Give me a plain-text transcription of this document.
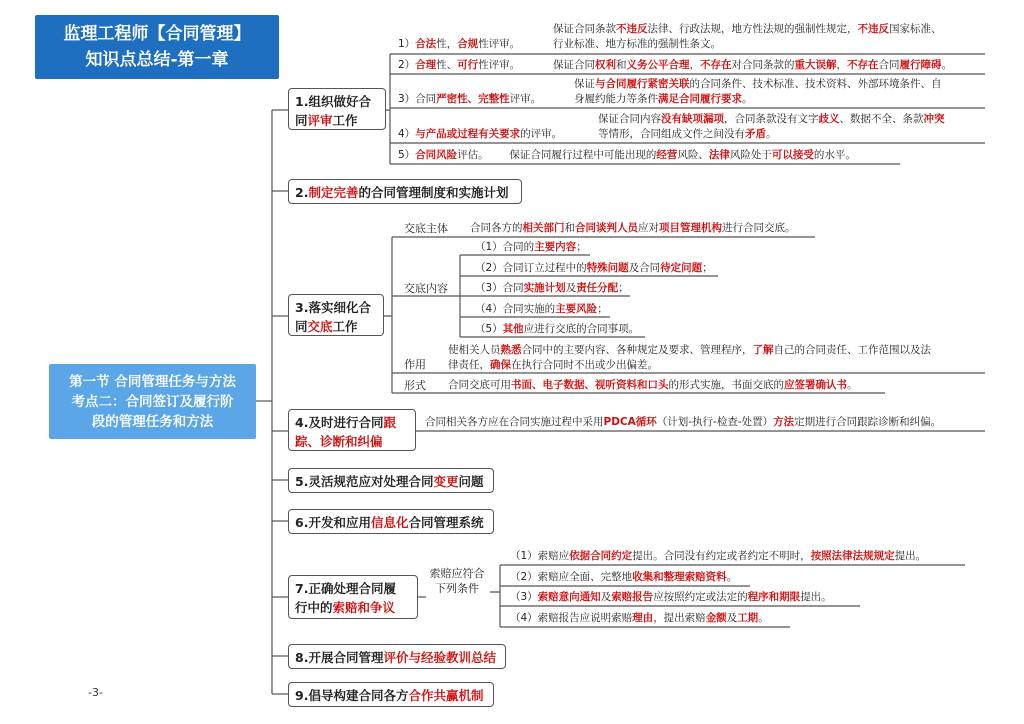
监理工程师【合同管理】
知识点总结-第一章
第一节 合同管理任务与方法
考点二：合同签订及履行阶
段的管理任务和方法
1.组织做好合
同评审工作
1）合法性，合规性评审。
保证合同条款不违反法律、行政法规，地方性法规的强制性规定，不违反国家标准、
行业标准、地方标准的强制性条文。
2）合理性、可行性评审。	保证合同权利和义务公平合理，不存在对合同条款的重大误解，不存在合同履行障碍。
3）合同严密性、完整性评审。
保证与合同履行紧密关联的合同条件、技术标准、技术资料、外部环境条件、自
身履约能力等条件满足合同履行要求。
4）与产品或过程有关要求的评审。
保证合同内容没有缺项漏项，合同条款没有文字歧义、数据不全、条款冲突
等情形，合同组成文件之间没有矛盾。
5）合同风险评估。 保证合同履行过程中可能出现的经营风险、法律风险处于可以接受的水平。
2.制定完善的合同管理制度和实施计划
3.落实细化合
同交底工作
交底主体 合同各方的相关部门和合同谈判人员应对项目管理机构进行合同交底。
交底内容
（1）合同的主要内容；
（2）合同订立过程中的特殊问题及合同待定问题；
（3）合同实施计划及责任分配；
（4）合同实施的主要风险；
（5）其他应进行交底的合同事项。
作用
使相关人员熟悉合同中的主要内容、各种规定及要求、管理程序，了解自己的合同责任、工作范围以及法
律责任，确保在执行合同时不出或少出偏差。
形式 合同交底可用书面、电子数据、视听资料和口头的形式实施，书面交底的应签署确认书。
4.及时进行合同跟
踪、诊断和纠偏
合同相关各方应在合同实施过程中采用PDCA循环（计划-执行-检查-处置）方法定期进行合同跟踪诊断和纠偏。
5.灵活规范应对处理合同变更问题
6.开发和应用信息化合同管理系统
7.正确处理合同履
行中的索赔和争议
索赔应符合
下列条件
（1）索赔应依据合同约定提出。合同没有约定或者约定不明时，按照法律法规规定提出。
（2）索赔应全面、完整地收集和整理索赔资料。
（3）索赔意向通知及索赔报告应按照约定或法定的程序和期限提出。
（4）索赔报告应说明索赔理由，提出索赔金额及工期。
8.开展合同管理评价与经验教训总结
9.倡导构建合同各方合作共赢机制
-3-
